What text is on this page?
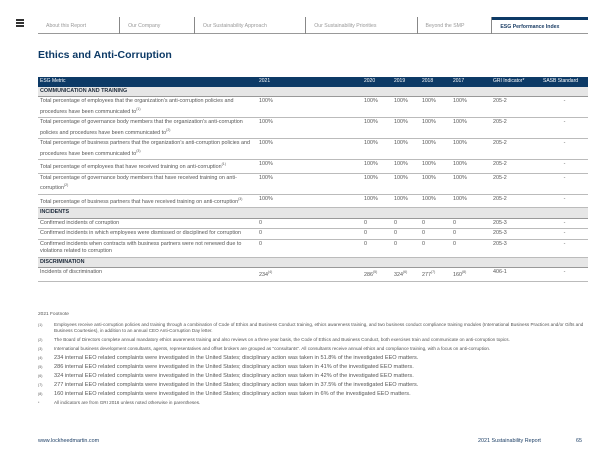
About this Report	Our Company	Our Sustainability Approach	Our Sustainability Priorities	Beyond the SMP	ESG Performance Index
Ethics and Anti-Corruption
ESG Metric	2021	2020	2019	2018	2017	GRI Indicator*	SASB Standard
COMMUNICATION AND TRAINING							
Total percentage of employees that the organization’s anti-corruption policies and procedures have been communicated $to^{(1)}$	100%	100%	100%	100%	100%	205-2	-
Total percentage of governance body members that the organization’s anti-corruption policies and procedures have been communicated $to^{(2)}$	100%	100%	100%	100%	100%	205-2	-
Total percentage of business partners that the organization’s anti-corruption policies and procedures have been communicated $to^{(3)}$	100%	100%	100%	100%	100%	205-2	-
Total percentage of employees that have received training on anti-corruption$^{(1)}$	100%	100%	100%	100%	100%	205-2	-
Total percentage of governance body members that have received training on anti-corruption$^{(2)}$	100%	100%	100%	100%	100%	205-2	-
Total percentage of business partners that have received training on anti-corruption$^{(3)}$	100%	100%	100%	100%	100%	205-2	-
INCIDENTS							
Confirmed incidents of corruption	0	0	0	0	0	205-3	-
Confirmed incidents in which employees were dismissed or disciplined for corruption	0	0	0	0	0	205-3	-
Confirmed incidents when contracts with business partners were not renewed due to violations related to corruption	0	0	0	0	0	205-3	-
DISCRIMINATION							
Incidents of discrimination	234$^{(4)}$	286$^{(5)}$	324$^{(6)}$	277$^{(7)}$	160$^{(8)}$	406-1	-
2021 Footnote
(1)	Employees receive anti-corruption policies and training through a combination of Code of Ethics and Business Conduct training, ethics awareness training, and two business conduct compliance training modules (International Business Practices and/or Gifts and Business Courtesies), in addition to an annual CEO Anti-Corruption Day letter.
(2)	The Board of Directors complete annual mandatory ethics awareness training and also reviews on a three year basis, the Code of Ethics and Business Conduct, both exercises train and communicate on anti-corruption topics.
(3)	International business development consultants, agents, representatives and offset brokers are grouped as "consultants". All consultants receive annual ethics and compliance training, with a focus on anti-corruption.
(4)	234 internal EEO related complaints were investigated in the United States; disciplinary action was taken in 51.8% of the investigated EEO matters.
(5)	286 internal EEO related complaints were investigated in the United States; disciplinary action was taken in 41% of the investigated EEO matters.
(6)	324 internal EEO related complaints were investigated in the United States; disciplinary action was taken in 42% of the investigated EEO matters.
(7)	277 internal EEO related complaints were investigated in the United States; disciplinary action was taken in 37.5% of the investigated EEO matters.
(8)	160 internal EEO related complaints were investigated in the United States; disciplinary action was taken in 6% of the investigated EEO matters.
*	All indicators are from GRI 2016 unless noted otherwise in parentheses.
www.lockheedmartin.com	2021 Sustainability Report	65
